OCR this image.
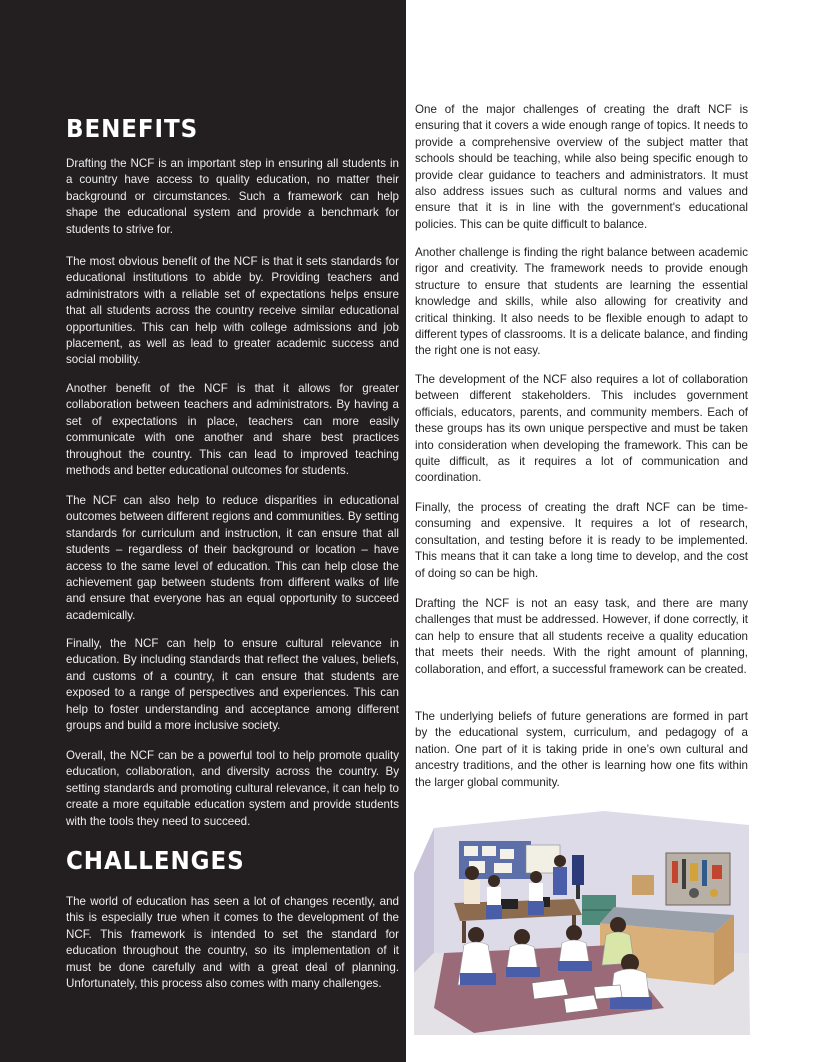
BENEFITS

Drafting the NCF is an important step in ensuring all students in a country have access to quality education, no matter their background or circumstances. Such a framework can help shape the educational system and provide a benchmark for students to strive for.

The most obvious benefit of the NCF is that it sets standards for educational institutions to abide by. Providing teachers and administrators with a reliable set of expectations helps ensure that all students across the country receive similar educational opportunities. This can help with college admissions and job placement, as well as lead to greater academic success and social mobility.

Another benefit of the NCF is that it allows for greater collaboration between teachers and administrators. By having a set of expectations in place, teachers can more easily communicate with one another and share best practices throughout the country. This can lead to improved teaching methods and better educational outcomes for students.

The NCF can also help to reduce disparities in educational outcomes between different regions and communities. By setting standards for curriculum and instruction, it can ensure that all students – regardless of their background or location – have access to the same level of education. This can help close the achievement gap between students from different walks of life and ensure that everyone has an equal opportunity to succeed academically.

Finally, the NCF can help to ensure cultural relevance in education. By including standards that reflect the values, beliefs, and customs of a country, it can ensure that students are exposed to a range of perspectives and experiences. This can help to foster understanding and acceptance among different groups and build a more inclusive society.

Overall, the NCF can be a powerful tool to help promote quality education, collaboration, and diversity across the country. By setting standards and promoting cultural relevance, it can help to create a more equitable education system and provide students with the tools they need to succeed.

CHALLENGES

The world of education has seen a lot of changes recently, and this is especially true when it comes to the development of the NCF. This framework is intended to set the standard for education throughout the country, so its implementation of it must be done carefully and with a great deal of planning. Unfortunately, this process also comes with many challenges.

One of the major challenges of creating the draft NCF is ensuring that it covers a wide enough range of topics. It needs to provide a comprehensive overview of the subject matter that schools should be teaching, while also being specific enough to provide clear guidance to teachers and administrators. It must also address issues such as cultural norms and values and ensure that it is in line with the government's educational policies. This can be quite difficult to balance.

Another challenge is finding the right balance between academic rigor and creativity. The framework needs to provide enough structure to ensure that students are learning the essential knowledge and skills, while also allowing for creativity and critical thinking. It also needs to be flexible enough to adapt to different types of classrooms. It is a delicate balance, and finding the right one is not easy.

The development of the NCF also requires a lot of collaboration between different stakeholders. This includes government officials, educators, parents, and community members. Each of these groups has its own unique perspective and must be taken into consideration when developing the framework. This can be quite difficult, as it requires a lot of communication and coordination.

Finally, the process of creating the draft NCF can be time-consuming and expensive. It requires a lot of research, consultation, and testing before it is ready to be implemented. This means that it can take a long time to develop, and the cost of doing so can be high.

Drafting the NCF is not an easy task, and there are many challenges that must be addressed. However, if done correctly, it can help to ensure that all students receive a quality education that meets their needs. With the right amount of planning, collaboration, and effort, a successful framework can be created.

The underlying beliefs of future generations are formed in part by the educational system, curriculum, and pedagogy of a nation. One part of it is taking pride in one’s own cultural and ancestry traditions, and the other is learning how one fits within the larger global community.
